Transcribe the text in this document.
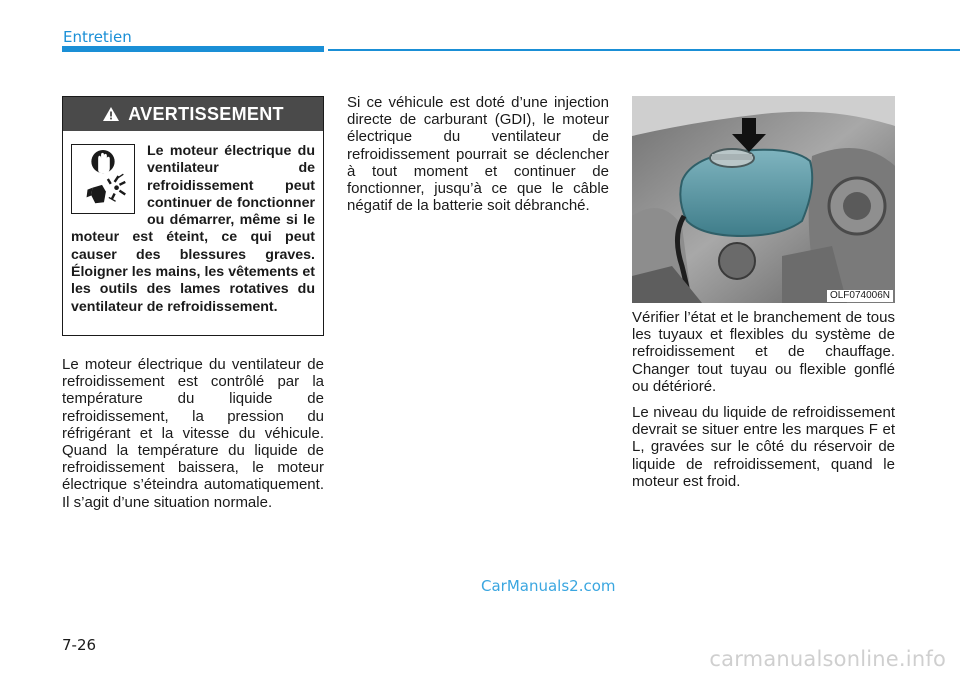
Entretien
AVERTISSEMENT
Le moteur électrique du ventilateur de refroidissement peut continuer de fonctionner ou démarrer, même si le moteur est éteint, ce qui peut causer des blessures graves. Éloigner les mains, les vêtements et les outils des lames rotatives du ventilateur de refroidissement.

Le moteur électrique du ventilateur de refroidissement est contrôlé par la température du liquide de refroidissement, la pression du réfrigérant et la vitesse du véhicule. Quand la température du liquide de refroidissement baissera, le moteur électrique s’éteindra automatiquement. Il s’agit d’une situation normale.

Si ce véhicule est doté d’une injection directe de carburant (GDI), le moteur électrique du ventilateur de refroidissement pourrait se déclencher à tout moment et continuer de fonctionner, jusqu’à ce que le câble négatif de la batterie soit débranché.

OLF074006N

Vérifier l’état et le branchement de tous les tuyaux et flexibles du système de refroidissement et de chauffage. Changer tout tuyau ou flexible gonflé ou détérioré.

Le niveau du liquide de refroidissement devrait se situer entre les marques F et L, gravées sur le côté du réservoir de liquide de refroidissement, quand le moteur est froid.

CarManuals2.com
7-26
carmanualsonline.info
